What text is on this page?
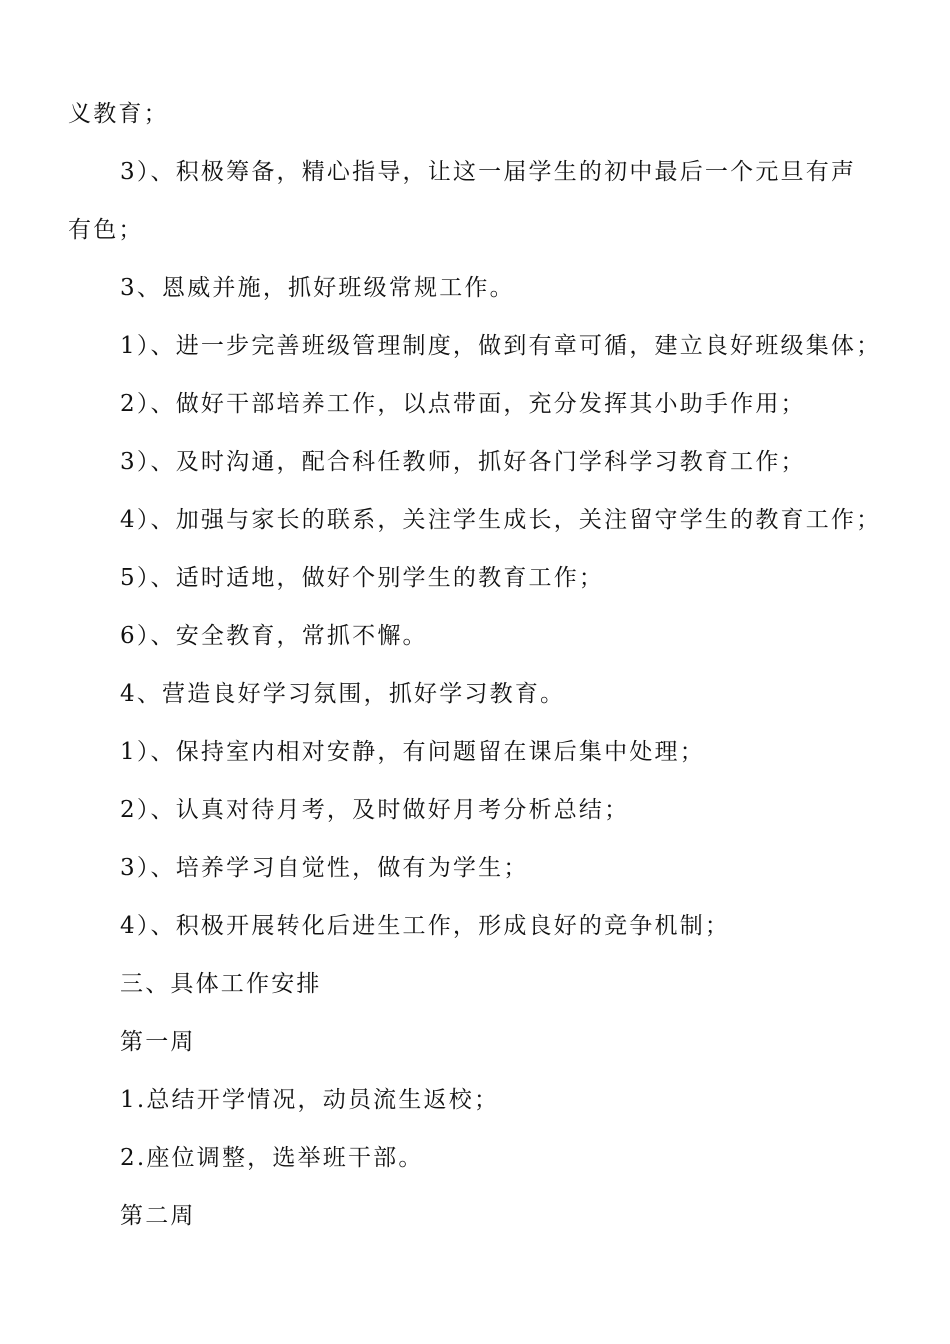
义教育；
3）、积极筹备，精心指导，让这一届学生的初中最后一个元旦有声
有色；
3、恩威并施，抓好班级常规工作。
1）、进一步完善班级管理制度，做到有章可循，建立良好班级集体；
2）、做好干部培养工作，以点带面，充分发挥其小助手作用；
3）、及时沟通，配合科任教师，抓好各门学科学习教育工作；
4）、加强与家长的联系，关注学生成长，关注留守学生的教育工作；
5）、适时适地，做好个别学生的教育工作；
6）、安全教育，常抓不懈。
4、营造良好学习氛围，抓好学习教育。
1）、保持室内相对安静，有问题留在课后集中处理；
2）、认真对待月考，及时做好月考分析总结；
3）、培养学习自觉性，做有为学生；
4）、积极开展转化后进生工作，形成良好的竞争机制；
三、具体工作安排
第一周
1.总结开学情况，动员流生返校；
2.座位调整，选举班干部。
第二周
